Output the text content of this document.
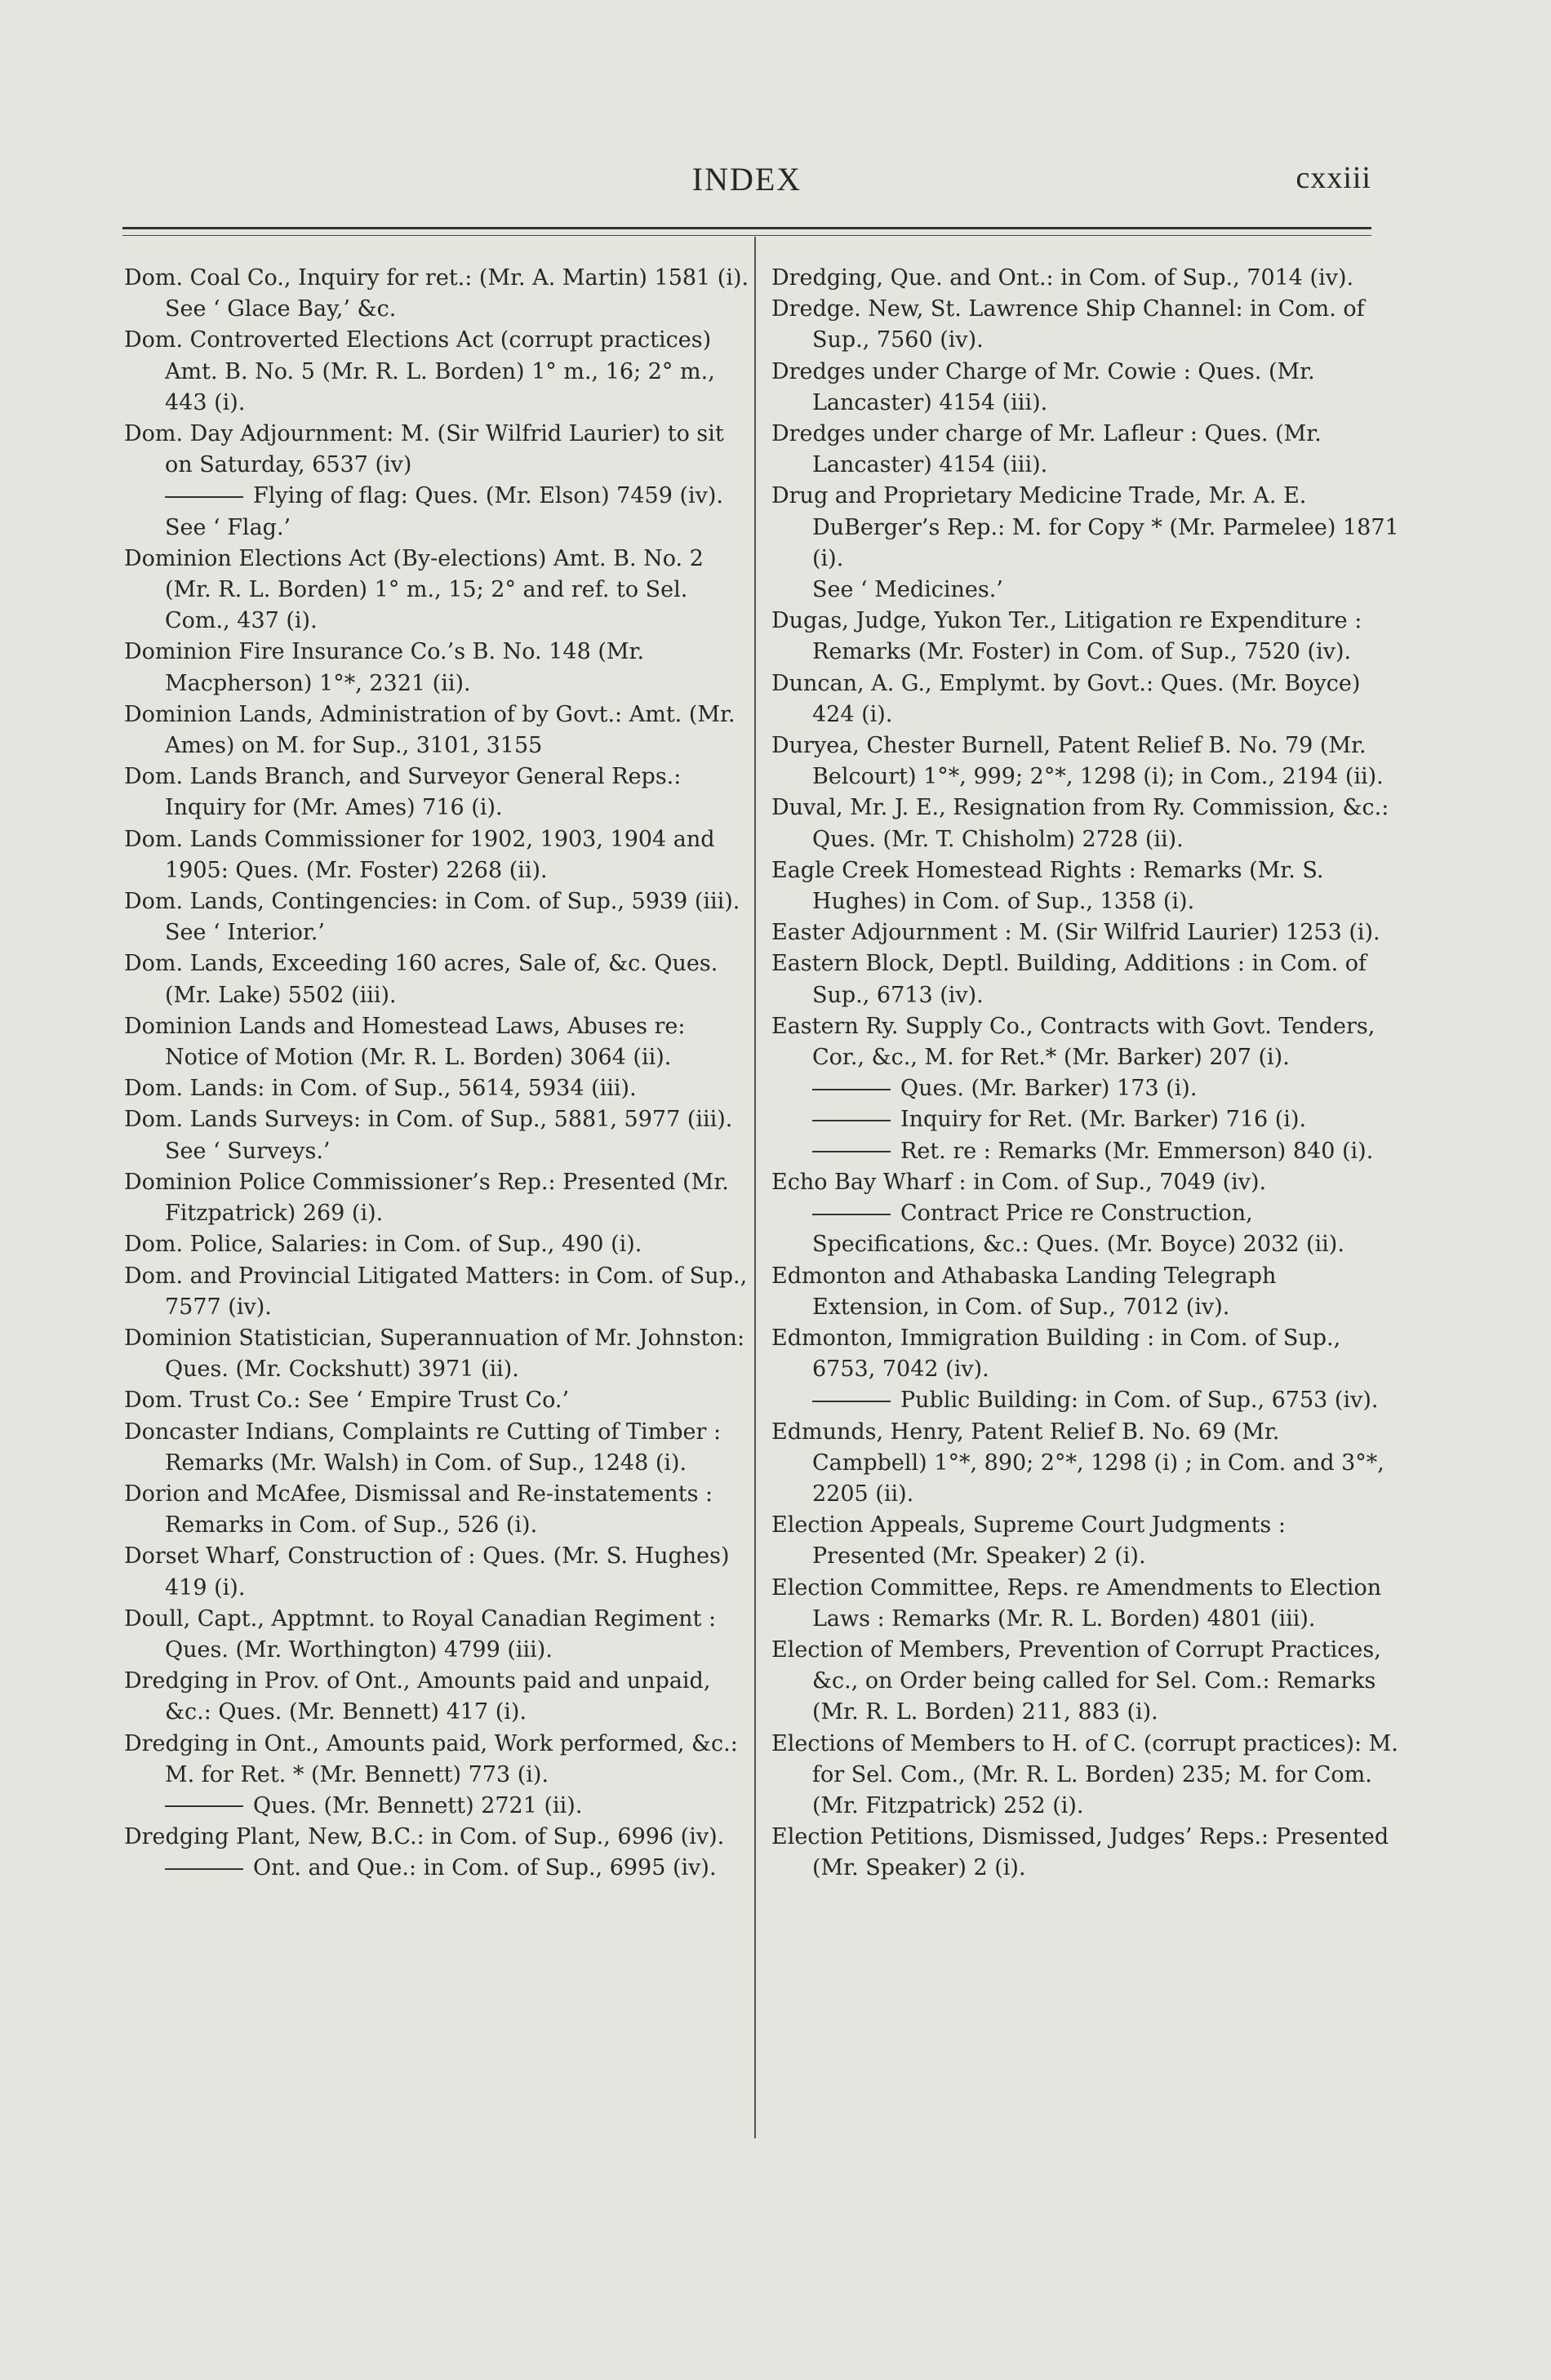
INDEX	cxxiii

Dom. Coal Co., Inquiry for ret.: (Mr. A. Martin) 1581 (i).

See ‘ Glace Bay,’ &c.

Dom. Controverted Elections Act (corrupt practices) Amt. B. No. 5 (Mr. R. L. Borden) 1° m., 16; 2° m., 443 (i).

Dom. Day Adjournment: M. (Sir Wilfrid Laurier) to sit on Saturday, 6537 (iv)

Flying of flag: Ques. (Mr. Elson) 7459 (iv).

See ‘ Flag.’

Dominion Elections Act (By-elections) Amt. B. No. 2 (Mr. R. L. Borden) 1° m., 15; 2° and ref. to Sel. Com., 437 (i).

Dominion Fire Insurance Co.’s B. No. 148 (Mr. Macpherson) 1°*, 2321 (ii).

Dominion Lands, Administration of by Govt.: Amt. (Mr. Ames) on M. for Sup., 3101, 3155

Dom. Lands Branch, and Surveyor General Reps.: Inquiry for (Mr. Ames) 716 (i).

Dom. Lands Commissioner for 1902, 1903, 1904 and 1905: Ques. (Mr. Foster) 2268 (ii).

Dom. Lands, Contingencies: in Com. of Sup., 5939 (iii).

See ‘ Interior.’

Dom. Lands, Exceeding 160 acres, Sale of, &c. Ques. (Mr. Lake) 5502 (iii).

Dominion Lands and Homestead Laws, Abuses re: Notice of Motion (Mr. R. L. Borden) 3064 (ii).

Dom. Lands: in Com. of Sup., 5614, 5934 (iii).

Dom. Lands Surveys: in Com. of Sup., 5881, 5977 (iii).

See ‘ Surveys.’

Dominion Police Commissioner’s Rep.: Presented (Mr. Fitzpatrick) 269 (i).

Dom. Police, Salaries: in Com. of Sup., 490 (i).

Dom. and Provincial Litigated Matters: in Com. of Sup., 7577 (iv).

Dominion Statistician, Superannuation of Mr. Johnston: Ques. (Mr. Cockshutt) 3971 (ii).

Dom. Trust Co.: See ‘ Empire Trust Co.’

Doncaster Indians, Complaints re Cutting of Timber : Remarks (Mr. Walsh) in Com. of Sup., 1248 (i).

Dorion and McAfee, Dismissal and Re-instatements : Remarks in Com. of Sup., 526 (i).

Dorset Wharf, Construction of : Ques. (Mr. S. Hughes) 419 (i).

Doull, Capt., Apptmnt. to Royal Canadian Regiment : Ques. (Mr. Worthington) 4799 (iii).

Dredging in Prov. of Ont., Amounts paid and unpaid, &c.: Ques. (Mr. Bennett) 417 (i).

Dredging in Ont., Amounts paid, Work performed, &c.: M. for Ret. * (Mr. Bennett) 773 (i).

Ques. (Mr. Bennett) 2721 (ii).

Dredging Plant, New, B.C.: in Com. of Sup., 6996 (iv).

Ont. and Que.: in Com. of Sup., 6995 (iv).

Dredging, Que. and Ont.: in Com. of Sup., 7014 (iv).

Dredge. New, St. Lawrence Ship Channel: in Com. of Sup., 7560 (iv).

Dredges under Charge of Mr. Cowie : Ques. (Mr. Lancaster) 4154 (iii).

Dredges under charge of Mr. Lafleur : Ques. (Mr. Lancaster) 4154 (iii).

Drug and Proprietary Medicine Trade, Mr. A. E. DuBerger’s Rep.: M. for Copy * (Mr. Parmelee) 1871 (i).

See ‘ Medicines.’

Dugas, Judge, Yukon Ter., Litigation re Expenditure : Remarks (Mr. Foster) in Com. of Sup., 7520 (iv).

Duncan, A. G., Emplymt. by Govt.: Ques. (Mr. Boyce) 424 (i).

Duryea, Chester Burnell, Patent Relief B. No. 79 (Mr. Belcourt) 1°*, 999; 2°*, 1298 (i); in Com., 2194 (ii).

Duval, Mr. J. E., Resignation from Ry. Commission, &c.: Ques. (Mr. T. Chisholm) 2728 (ii).

Eagle Creek Homestead Rights : Remarks (Mr. S. Hughes) in Com. of Sup., 1358 (i).

Easter Adjournment : M. (Sir Wilfrid Laurier) 1253 (i).

Eastern Block, Deptl. Building, Additions : in Com. of Sup., 6713 (iv).

Eastern Ry. Supply Co., Contracts with Govt. Tenders, Cor., &c., M. for Ret.* (Mr. Barker) 207 (i).

Ques. (Mr. Barker) 173 (i).

Inquiry for Ret. (Mr. Barker) 716 (i).

Ret. re : Remarks (Mr. Emmerson) 840 (i).

Echo Bay Wharf : in Com. of Sup., 7049 (iv).

Contract Price re Construction, Specifications, &c.: Ques. (Mr. Boyce) 2032 (ii).

Edmonton and Athabaska Landing Telegraph Extension, in Com. of Sup., 7012 (iv).

Edmonton, Immigration Building : in Com. of Sup., 6753, 7042 (iv).

Public Building: in Com. of Sup., 6753 (iv).

Edmunds, Henry, Patent Relief B. No. 69 (Mr. Campbell) 1°*, 890; 2°*, 1298 (i) ; in Com. and 3°*, 2205 (ii).

Election Appeals, Supreme Court Judgments : Presented (Mr. Speaker) 2 (i).

Election Committee, Reps. re Amendments to Election Laws : Remarks (Mr. R. L. Borden) 4801 (iii).

Election of Members, Prevention of Corrupt Practices, &c., on Order being called for Sel. Com.: Remarks (Mr. R. L. Borden) 211, 883 (i).

Elections of Members to H. of C. (corrupt practices): M. for Sel. Com., (Mr. R. L. Borden) 235; M. for Com. (Mr. Fitzpatrick) 252 (i).

Election Petitions, Dismissed, Judges’ Reps.: Presented (Mr. Speaker) 2 (i).
